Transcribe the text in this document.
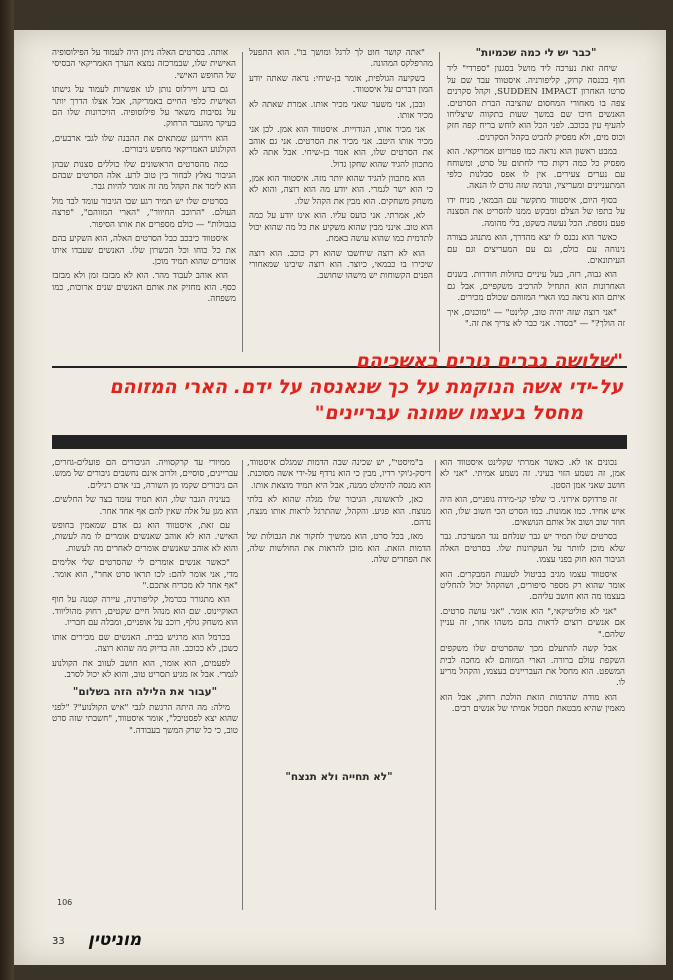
"כבר יש לי כמה שכמיות"

שיחה זאת נערכה ליד מושל בסגנון "ספרדי" ליד חוף בכנסה קרוק, קליפורניה. איסטווד עבד שם על סרטו האחרון SUDDEN IMPACT, וקהל סקרנים צפה בו מאחורי המחסום שהציבה הברת הסרטים. האנשים חיכו שם במשך שעות בתקווה שיצליחו להעיף עין בכוכב. לפני הכל הוא לוחש בריח קפה חזק וכוס מים, ולא מפסיק להביט בקהל הסקרנים.

במבט ראשון הוא נראה כמו פטריוט אמריקאי. הוא מפסיק כל כמה דקות כדי לחתום על סרט, ומשוחח עם נערים צעירים. אין לו אפס סבלנות כלפי המתעניינים ומעריציו, ונדמה שזה גורם לו הנאה.

בסוף היום, איסטווד מתקשר עם הבמאי, מניח ידו על כתפו של הצלם ומבקש ממנו להסריט את הסצנה פעם נוספת. הכל נעשה בשקט, בלי מהומה.

כאשר הוא נכנס לו יצא מהדרך, הוא מתנהג בצורה נינוחה עם כולם, גם עם המעריצים וגם עם העיתונאים.

הוא גבוה, רזה, בעל עיניים כחולות חודרות. בשנים האחרונות הוא התחיל להרכיב משקפיים, אבל גם איתם הוא נראה כמו הארי המזוהם שכולם מכירים.

"אני רוצה שזה יהיה טוב, קלינט" — "מוכנים, איך זה הולך?" — "בסדר. אני כבר לא צריך את זה."

"אתה קושר חוט לך לרגל ומושך בו". הוא התפעל מהרפלקס המהונה.

בשקיעה הגולפית, אומר בן-שיחי: נראה שאתה יודע המון דברים על איסטווד.

ובכן, אני משער שאני מכיר אותו. אמרת שאתה לא מכיר אותו.

אני מכיר אותו, הגודויית. איסטווד הוא אמן. לכן אני מכיר אותו היטב. אני מכיר את הסרטים. אני גם אוהב את הסרטים שלו, הוא אמר בן-שיחי. אבל אתה לא מתכוון להגיד שהוא שחקן גדול.

הוא מתכוון להגיד שהוא יותר מזה. איסטווד הוא אמן, כי הוא ישר לגמרי. הוא יודע מה הוא רוצה, והוא לא משחק משחקים. הוא מבין את הקהל שלו.

לא, אמרתי. אני כועס עליו. הוא אינו יודע על כמה הוא טוב. אינני מבין שהוא משקיע את כל מה שהוא יכול לתדמית כמו שהוא עושה באמת.

הוא לא רוצה שיחשבו שהוא רק כוכב. הוא רוצה שיכירו בו כבמאי, כיוצר. הוא רוצה שיבינו שמאחורי הפנים הקשוחות יש מישהו שחושב.

אותה. בסרטים האלה ניתן היה לעמוד על הפילוסופיה האישית שלו, שבמרכזה נמצא הערך האמריקאי הבסיסי של החופש האישי.

גם בדע ויירלוס נותן לנו אפשרות לעמוד על גישתו האישית כלפי החיים באמריקה, אבל אצלו הדרך יותר על נסיבות משאר על פילוסופיה. הזיכרונות שלו הם בעיקר מהעבר הרחוק.

הוא וירוינגן שמתאים את ההבנה שלו לגבי ארבעים, הקולנוע האמריקאי מחפש גיבורים.

כמה מהסרטים הראשונים שלו כוללים סצנות שבהן הגיבור נאלץ לבחור בין טוב לרע. אלה הסרטים שבהם הוא לימד את הקהל מה זה אומר להיות גבר.

בסרטים שלו יש תמיד רגע שבו הגיבור עומד לבד מול העולם. "הרוכב החיוור", "הארי המזוהם", "פרצה בגבולות" — כולם מספרים את אותו הסיפור.

איסטווד כיבכב כבל הסרטים האלה, הוא השקיע בהם את כל כוחו וכל הכשרון שלו. האנשים שעבדו איתו אומרים שהוא תמיד מוכן.

הוא אוהב לעבוד מהר. הוא לא מבזבז זמן ולא מבזבז כסף. הוא מחזיק את אותם האנשים שנים ארוכות, כמו משפחה.

"שלושה גברים נורים באשכיהם
על-ידי אשה הנוקמת על כך שנאנסה על ידם. הארי המזוהם
מחסל בעצמו שמונה עבריינים"

נכונים או לא. כאשר אמרתי שקלינט איסטווד הוא אמן, זה נשמע הזוי בעיני. זה נשמע אמיתי. "אני לא חושב שאני אמן הסטן.

זה פרדוקס אירוני. כי שלפי קני-מידה גופניים, הוא היה איש אחיד. כמו אמונות. כמו הסרט הכי חשוב שלו, הוא חוזר שוב ושוב אל אותם הנושאים.

בסרטים שלו תמיד יש גבר שנלחם נגד המערכת. גבר שלא מוכן לוותר על העקרונות שלו. בסרטים האלה הגיבור הוא חוק בפני עצמו.

איסטווד עצמו מגיב בביטול לטענות המבקרים. הוא אומר שהוא רק מספר סיפורים, ושהקהל יכול להחליט בעצמו מה הוא חושב עליהם.

"אני לא פוליטיקאי," הוא אומר. "אני עושה סרטים. אם אנשים רוצים לראות בהם משהו אחר, זה עניין שלהם."

אבל קשה להתעלם מכך שהסרטים שלו משקפים השקפת עולם ברורה. הארי המזוהם לא מחכה לבית המשפט. הוא מחסל את העבריינים בעצמו, והקהל מריע לו.

הוא מודה שהדמות הזאת הולכת רחוק, אבל הוא מאמין שהיא מבטאת תסכול אמיתי של אנשים רבים.

ב"מיסטי", יש שכינה שבה הדמות שמגלם איסטווד, דיסק-ג'וקי רדיו, מבין כי הוא נרדף על-ידי אשה מסוכנת. הוא מנסה להימלט ממנה, אבל היא תמיד מוצאת אותו.

כאן, לראשונה, הגיבור שלו מגלה שהוא לא בלתי מנוצח. הוא פגיע. והקהל, שהתרגל לראות אותו מנצח, נדהם.

מאז, בכל סרט, הוא ממשיך לחקור את הגבולות של הדמות הזאת. הוא מוכן להראות את החולשות שלה, את הפחדים שלה.

"לא תחייה ולא תנצח"

ממיורי עד קרקסוויה. הגיבורים הם פועלים-גוזרים, עבריינים, סוסיים, ולרוב אינם נחשבים גיבורים של ממש. הם גיבורים שקמו מן השורה, בני אדם רגילים.

בעיניה הגבר שלו, הוא תמיד עומד בצד של החלשים. הוא מגן על אלה שאין להם אף אחד אחר.

עם זאת, איסטווד הוא גם אדם שמאמין בחופש האישי. הוא לא אוהב שאנשים אומרים לו מה לעשות, והוא לא אוהב שאנשים אומרים לאחרים מה לעשות.

"כאשר אנשים אומרים לי שהסרטים שלי אלימים מדי, אני אומר להם: לכו תראו סרט אחר", הוא אומר. "אף אחד לא מכריח אתכם."

הוא מתגורר בכרמל, קליפורניה, עיירה קטנה על חוף האוקיינוס. שם הוא מנהל חיים שקטים, רחוק מהוליווד. הוא משחק גולף, רוכב על אופניים, ומבלה עם חבריו.

בכרמל הוא מרגיש בבית. האנשים שם מכירים אותו כשכן, לא ככוכב. וזה בדיוק מה שהוא רוצה.

לפעמים, הוא אומר, הוא חושב לעזוב את הקולנוע לגמרי. אבל אז מגיע תסריט טוב, והוא לא יכול לסרב.

"עבור את הלילה הזה בשלום"

מילה: מה היתה הרגשת לגבי "איש הקולנוע"? "לפני שהוא יצא לפסטיבל", אומר איסטווד, "חשבתי שזה סרט טוב, כי כל שרק המשך בעבודה."

106
33 מוניטין
